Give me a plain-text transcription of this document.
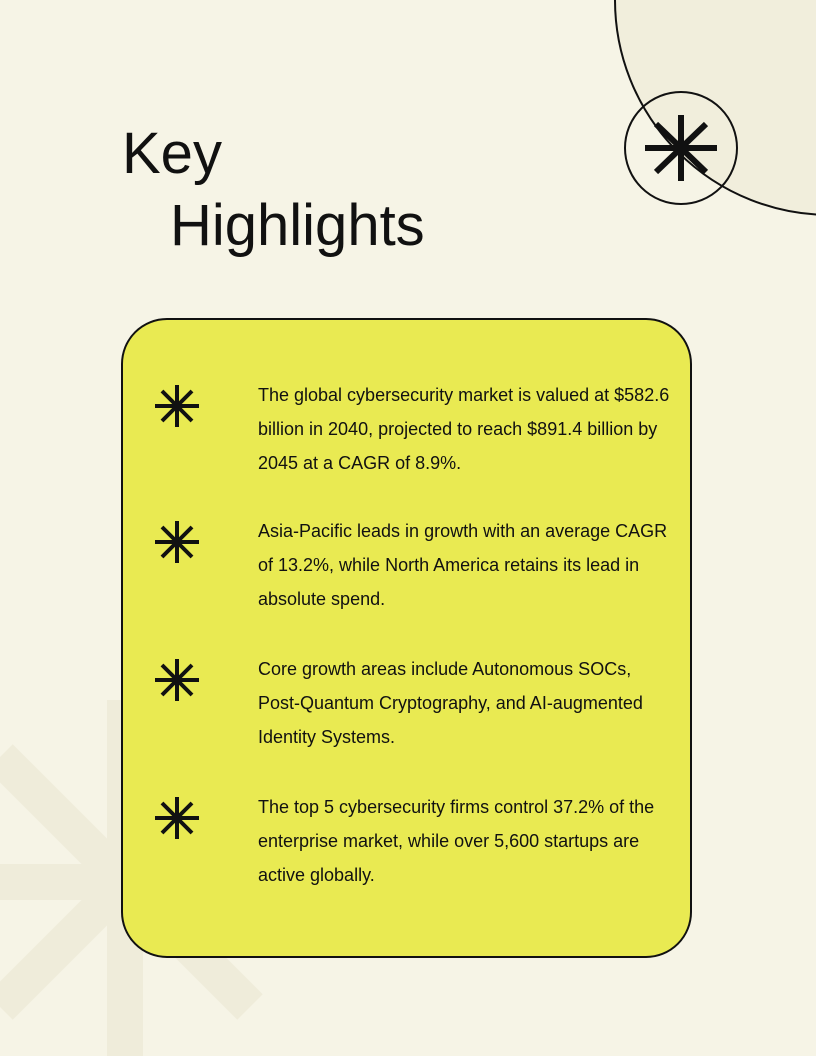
Key
Highlights
The global cybersecurity market is valued at $582.6 billion in 2040, projected to reach $891.4 billion by 2045 at a CAGR of 8.9%.
Asia-Pacific leads in growth with an average CAGR of 13.2%, while North America retains its lead in absolute spend.
Core growth areas include Autonomous SOCs, Post-Quantum Cryptography, and AI-augmented Identity Systems.
The top 5 cybersecurity firms control 37.2% of the enterprise market, while over 5,600 startups are active globally.
